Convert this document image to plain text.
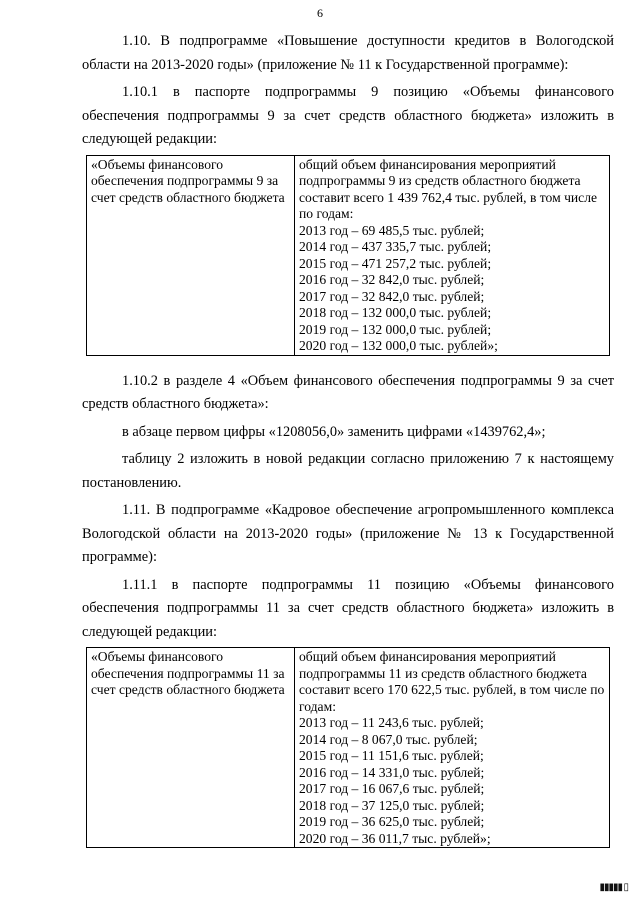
6

1.10. В подпрограмме «Повышение доступности кредитов в Вологодской области на 2013-2020 годы» (приложение № 11 к Государственной программе):

1.10.1 в паспорте подпрограммы 9 позицию «Объемы финансового обеспечения подпрограммы 9 за счет средств областного бюджета» изложить в следующей редакции:

«Объемы финансового обеспечения подпрограммы 9 за счет средств областного бюджета	
общий объем финансирования мероприятий подпрограммы 9 из средств областного бюджета составит всего 1 439 762,4 тыс. рублей, в том числе по годам:
2013 год – 69 485,5 тыс. рублей;
2014 год – 437 335,7 тыс. рублей;
2015 год – 471 257,2 тыс. рублей;
2016 год – 32 842,0 тыс. рублей;
2017 год – 32 842,0 тыс. рублей;
2018 год – 132 000,0 тыс. рублей;
2019 год – 132 000,0 тыс. рублей;
2020 год – 132 000,0 тыс. рублей»;

1.10.2 в разделе 4 «Объем финансового обеспечения подпрограммы 9 за счет средств областного бюджета»:

в абзаце первом цифры «1208056,0» заменить цифрами «1439762,4»;

таблицу 2 изложить в новой редакции согласно приложению 7 к настоящему постановлению.

1.11. В подпрограмме «Кадровое обеспечение агропромышленного комплекса Вологодской области на 2013-2020 годы» (приложение № 13 к Государственной программе):

1.11.1 в паспорте подпрограммы 11 позицию «Объемы финансового обеспечения подпрограммы 11 за счет средств областного бюджета» изложить в следующей редакции:

«Объемы финансового обеспечения подпрограммы 11 за счет средств областного бюджета	
общий объем финансирования мероприятий подпрограммы 11 из средств областного бюджета составит всего 170 622,5 тыс. рублей, в том числе по годам:
2013 год – 11 243,6 тыс. рублей;
2014 год – 8 067,0 тыс. рублей;
2015 год – 11 151,6 тыс. рублей;
2016 год – 14 331,0 тыс. рублей;
2017 год – 16 067,6 тыс. рублей;
2018 год – 37 125,0 тыс. рублей;
2019 год – 36 625,0 тыс. рублей;
2020 год – 36 011,7 тыс. рублей»;
▮▮▮▮▮ ▯
